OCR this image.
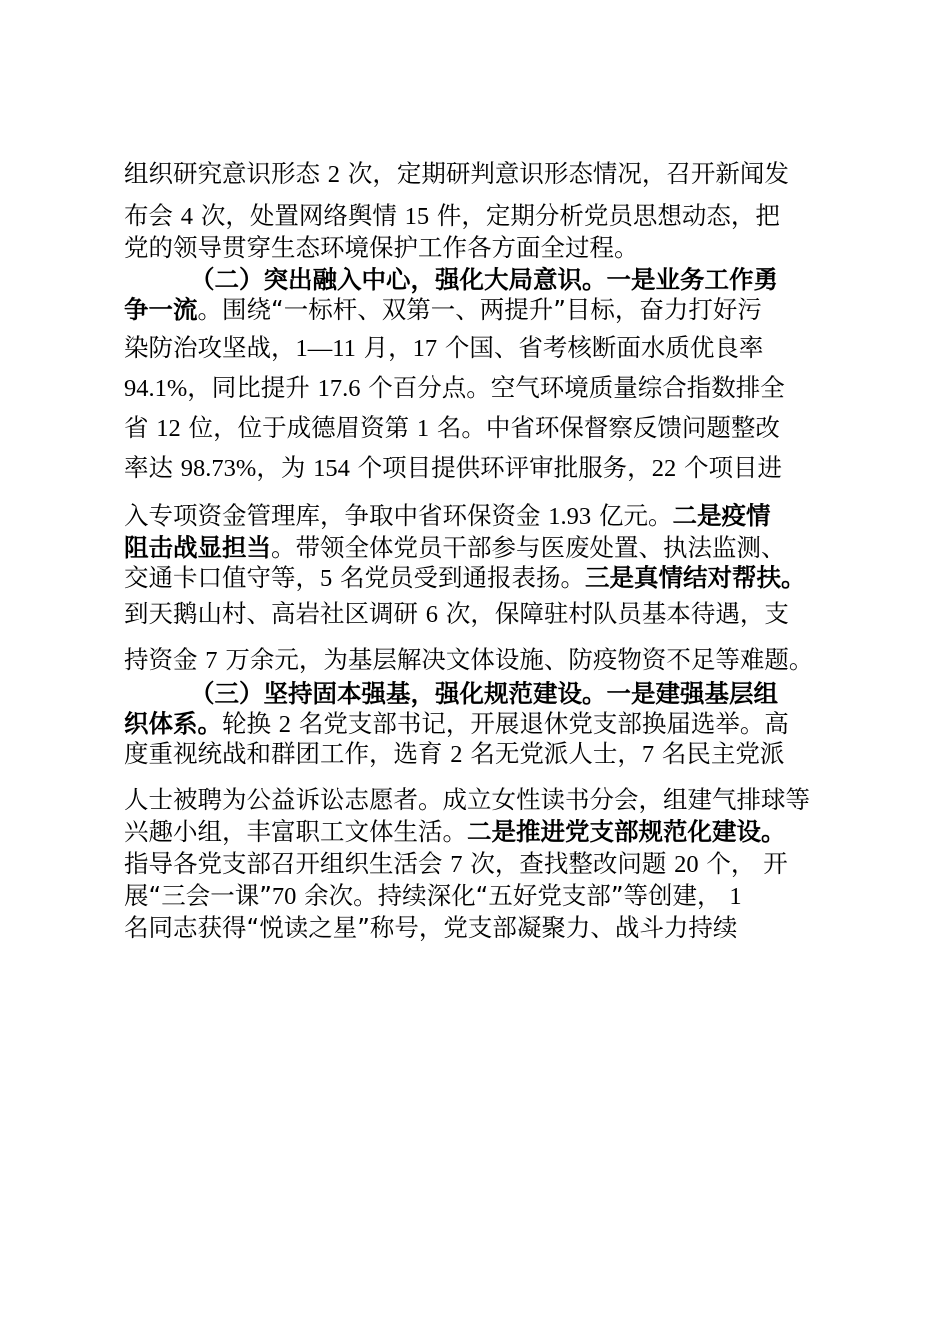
组织研究意识形态 2 次，定期研判意识形态情况，召开新闻发
布会 4 次，处置网络舆情 15 件，定期分析党员思想动态，把
党的领导贯穿生态环境保护工作各方面全过程。
（二）突出融入中心，强化大局意识。一是业务工作勇
争一流。围绕“一标杆、双第一、两提升”目标，奋力打好污
染防治攻坚战，1—11 月，17 个国、省考核断面水质优良率
94.1%，同比提升 17.6 个百分点。空气环境质量综合指数排全
省 12 位，位于成德眉资第 1 名。中省环保督察反馈问题整改
率达 98.73%，为 154 个项目提供环评审批服务，22 个项目进
入专项资金管理库，争取中省环保资金 1.93 亿元。二是疫情
阻击战显担当。带领全体党员干部参与医废处置、执法监测、
交通卡口值守等，5 名党员受到通报表扬。三是真情结对帮扶。
到天鹅山村、高岩社区调研 6 次，保障驻村队员基本待遇，支
持资金 7 万余元，为基层解决文体设施、防疫物资不足等难题。
（三）坚持固本强基，强化规范建设。一是建强基层组
织体系。轮换 2 名党支部书记，开展退休党支部换届选举。高
度重视统战和群团工作，选育 2 名无党派人士，7 名民主党派
人士被聘为公益诉讼志愿者。成立女性读书分会，组建气排球等
兴趣小组，丰富职工文体生活。二是推进党支部规范化建设。
指导各党支部召开组织生活会 7 次，查找整改问题 20 个， 开
展“三会一课”70 余次。持续深化“五好党支部”等创建， 1
名同志获得“悦读之星”称号，党支部凝聚力、战斗力持续
